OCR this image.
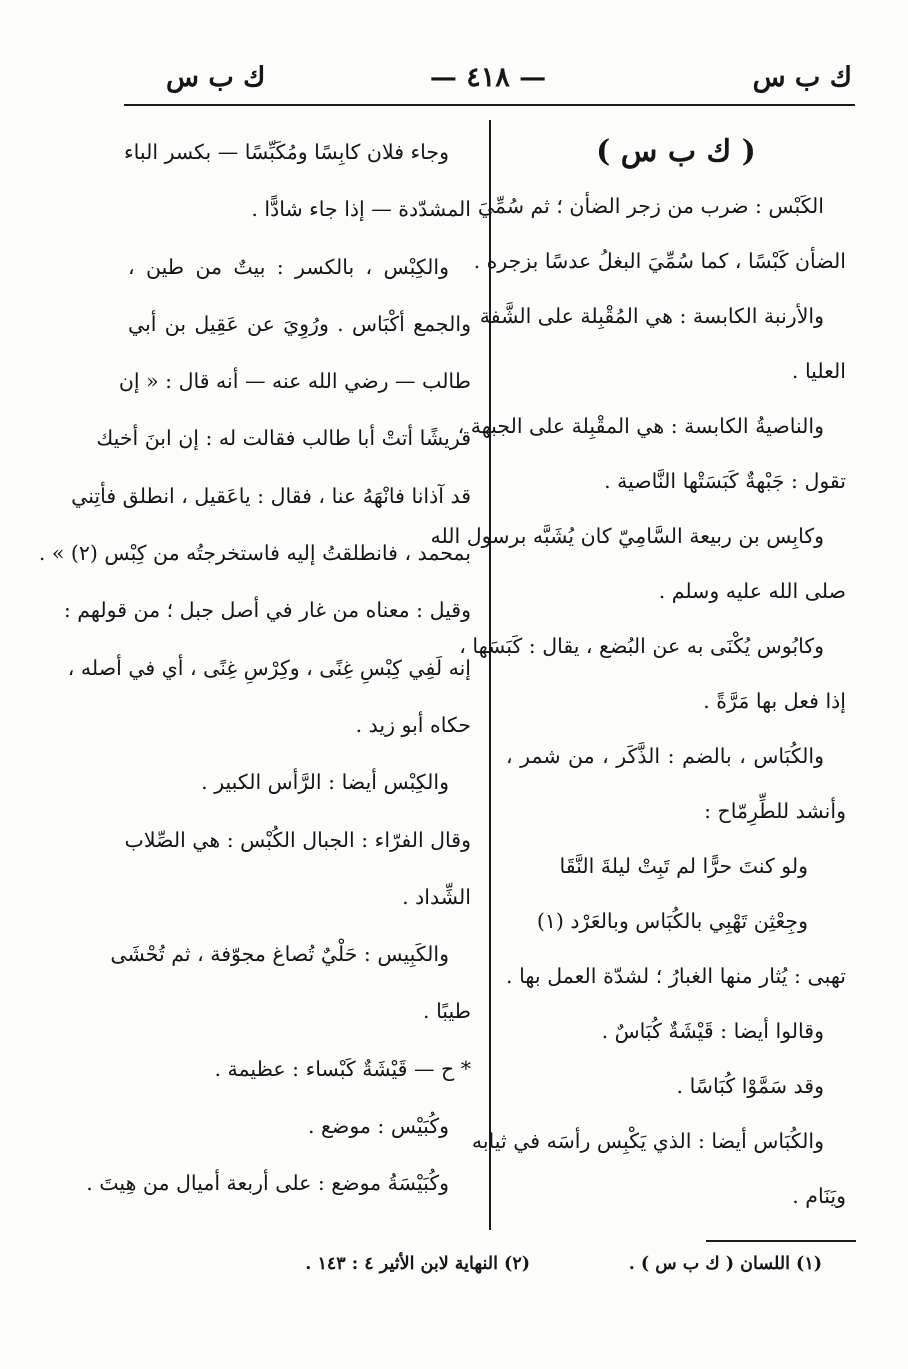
ك ب س
— ٤١٨ —
ك ب س
( ك ب س )
الكَبْس : ضرب من زجر الضأن ؛ ثم سُمِّيَ
الضأن كَبْسًا ، كما سُمِّيَ البغلُ عدسًا بزجره .
والأرنبة الكابسة : هي المُقْبِلة على الشَّفة
العليا .
والناصيةُ الكابسة : هي المقْبِلة على الجبهة ،
تقول : جَبْهةٌ كَبَسَتْها النَّاصية .
وكابِس بن ربيعة السَّامِيّ كان يُشَبَّه برسول الله
صلى الله عليه وسلم .
وكابُوس يُكْنَى به عن البُضع ، يقال : كَبَسَها ،
إذا فعل بها مَرَّةً .
والكُبَاس ، بالضم : الذَّكَر ، من شمر ،
وأنشد للطِّرِمّاح :
ولو كنتَ حرًّا لم تَبِتْ ليلةَ النَّقَا
وجِعْثِن تَهْبِي بالكُبَاس وبالعَرْد (١)
تهبى : يُثار منها الغبارُ ؛ لشدّة العمل بها .
وقالوا أيضا : قَيْشَةٌ كُبَاسٌ .
وقد سَمَّوْا كُبَاسًا .
والكُبَاس أيضا : الذي يَكْبِس رأسَه في ثيابه
ويَنَام .
وجاء فلان كابِسًا ومُكَبِّسًا — بكسر الباء
المشدّدة — إذا جاء شادًّا .
والكِبْس ، بالكسر : بيتٌ من طين ،
والجمع أكْبَاس . ورُوِيَ عن عَقِيل بن أبي
طالب — رضي الله عنه — أنه قال : « إن
قريشًا أتتْ أبا طالب فقالت له : إن ابنَ أخيك
قد آذانا فانْهَهُ عنا ، فقال : ياعَقيل ، انطلق فأتِني
بمحمد ، فانطلقتُ إليه فاستخرجتُه من كِبْس (٢) » .
وقيل : معناه من غار في أصل جبل ؛ من قولهم :
إنه لَفِي كِبْسِ غِنًى ، وكِرْسِ غِنًى ، أي في أصله ،
حكاه أبو زيد .
والكِبْس أيضا : الرَّأس الكبير .
وقال الفرّاء : الجبال الكُبْس : هي الصِّلاب
الشِّداد .
والكَبِيس : حَلْيٌ تُصاغ مجوّفة ، ثم تُحْشَى
طيبًا .
* ح — قَيْشَةٌ كَبْساء : عظيمة .
وكُبَيْس : موضع .
وكُبَيْسَةُ موضع : على أربعة أميال من هِيتَ .
(١) اللسان ( ك ب س ) .
(٢) النهاية لابن الأثير ٤ : ١٤٣ .
